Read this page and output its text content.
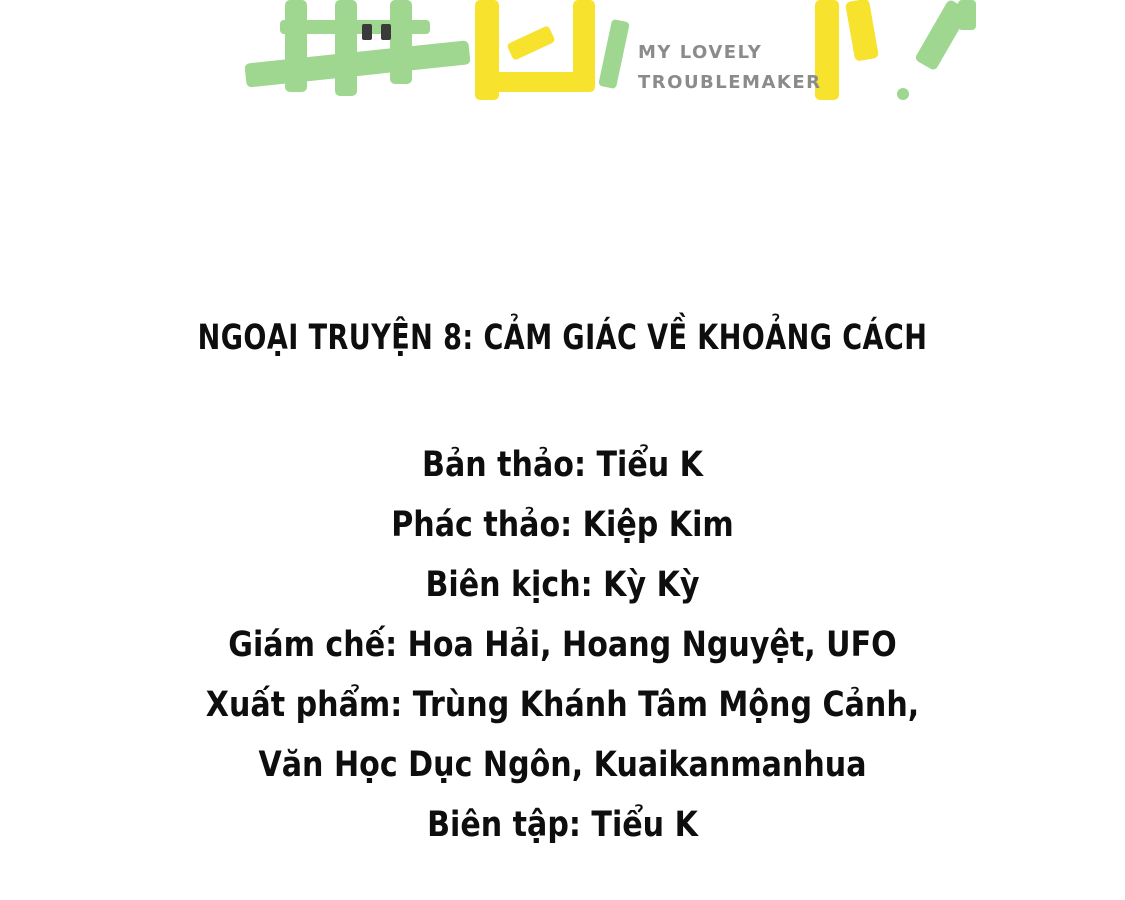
MY LOVELY
TROUBLEMAKER
NGOẠI TRUYỆN 8: CẢM GIÁC VỀ KHOẢNG CÁCH
Bản thảo: Tiểu K
Phác thảo: Kiệp Kim
Biên kịch: Kỳ Kỳ
Giám chế: Hoa Hải, Hoang Nguyệt, UFO
Xuất phẩm: Trùng Khánh Tâm Mộng Cảnh,
Văn Học Dục Ngôn, Kuaikanmanhua
Biên tập: Tiểu K
